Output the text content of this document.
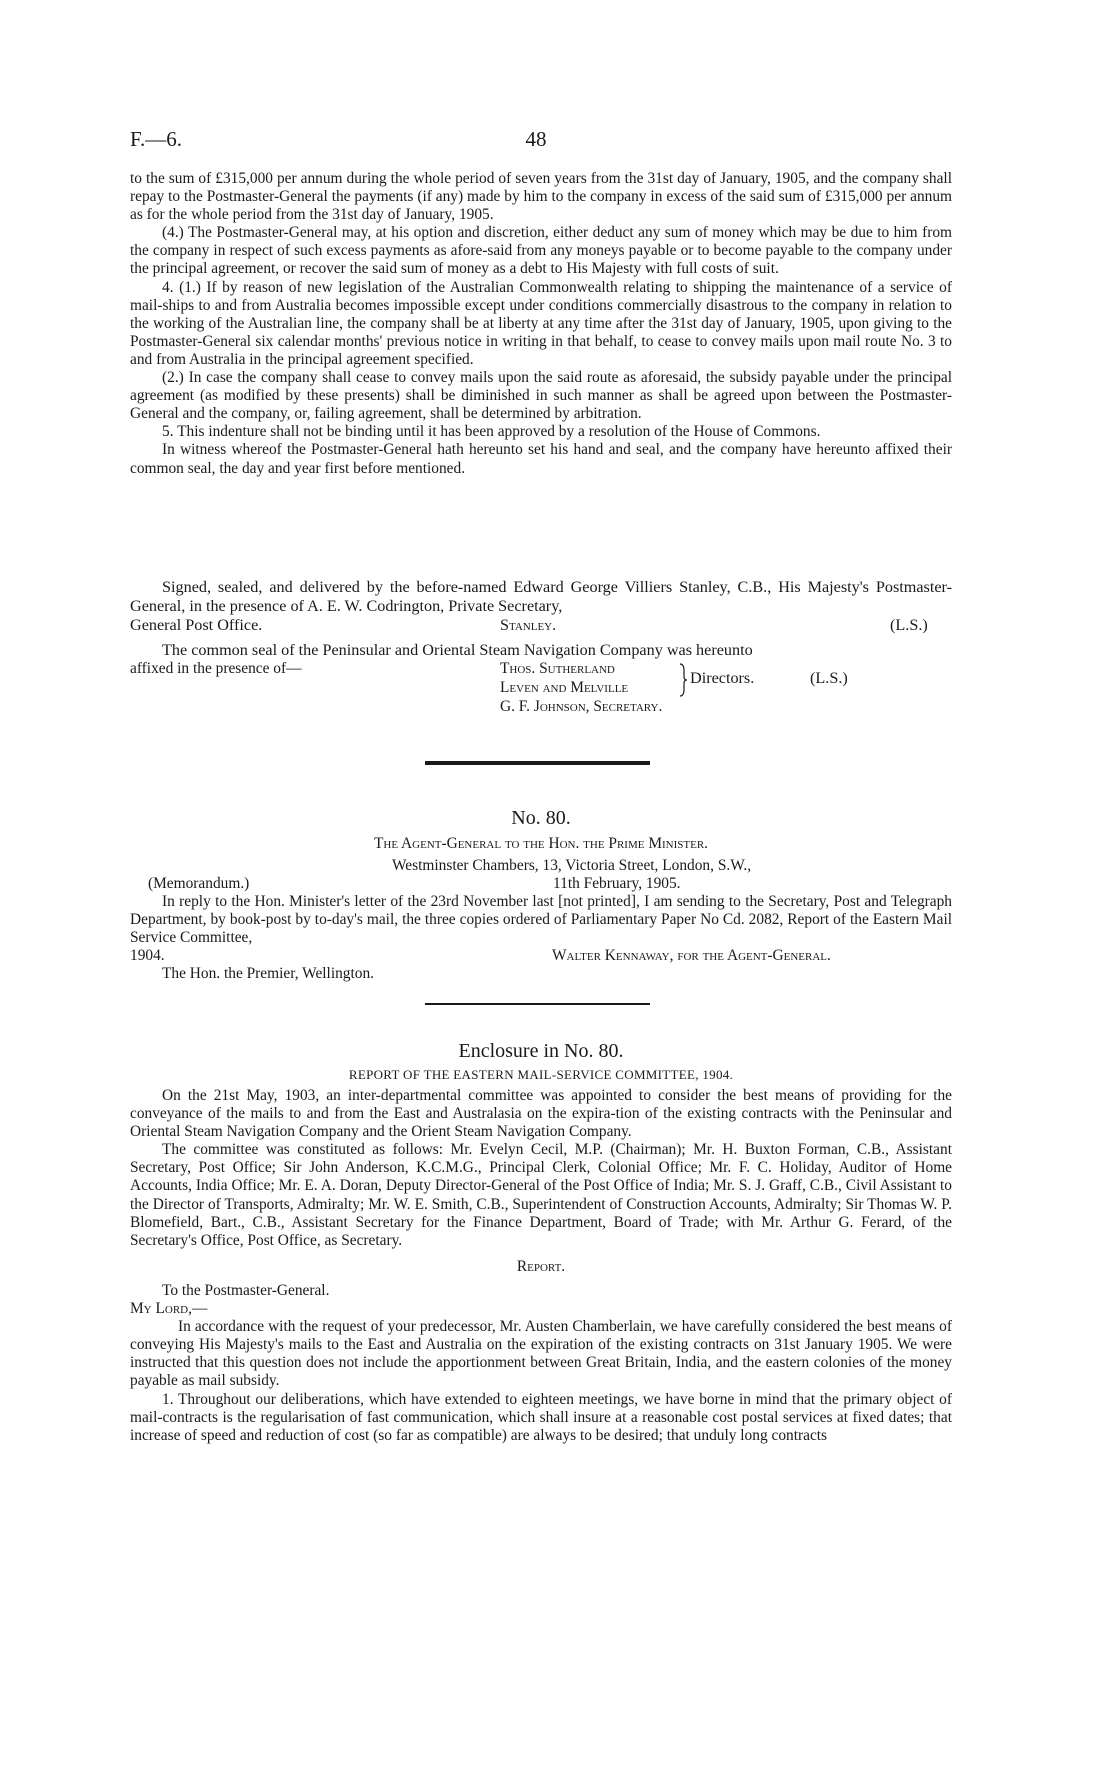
F.—6.	48

to the sum of £315,000 per annum during the whole period of seven years from the 31st day of January, 1905, and the company shall repay to the Postmaster-General the payments (if any) made by him to the company in excess of the said sum of £315,000 per annum as for the whole period from the 31st day of January, 1905.

(4.) The Postmaster-General may, at his option and discretion, either deduct any sum of money which may be due to him from the company in respect of such excess payments as afore-said from any moneys payable or to become payable to the company under the principal agreement, or recover the said sum of money as a debt to His Majesty with full costs of suit.

4. (1.) If by reason of new legislation of the Australian Commonwealth relating to shipping the maintenance of a service of mail-ships to and from Australia becomes impossible except under conditions commercially disastrous to the company in relation to the working of the Australian line, the company shall be at liberty at any time after the 31st day of January, 1905, upon giving to the Postmaster-General six calendar months' previous notice in writing in that behalf, to cease to convey mails upon mail route No. 3 to and from Australia in the principal agreement specified.

(2.) In case the company shall cease to convey mails upon the said route as aforesaid, the subsidy payable under the principal agreement (as modified by these presents) shall be diminished in such manner as shall be agreed upon between the Postmaster-General and the company, or, failing agreement, shall be determined by arbitration.

5. This indenture shall not be binding until it has been approved by a resolution of the House of Commons.

In witness whereof the Postmaster-General hath hereunto set his hand and seal, and the company have hereunto affixed their common seal, the day and year first before mentioned.

Signed, sealed, and delivered by the before-named Edward George Villiers Stanley, C.B., His Majesty's Postmaster-General, in the presence of A. E. W. Codrington, Private Secretary,

General Post Office.	Stanley.	(L.S.)

The common seal of the Peninsular and Oriental Steam Navigation Company was hereunto

affixed in the presence of—	Thos. Sutherland
Leven and Melville
G. F. Johnson, Secretary.
Directors.	(L.S.)
No. 80.

The Agent-General to the Hon. the Prime Minister.

Westminster Chambers, 13, Victoria Street, London, S.W.,

(Memorandum.)	11th February, 1905.

In reply to the Hon. Minister's letter of the 23rd November last [not printed], I am sending to the Secretary, Post and Telegraph Department, by book-post by to-day's mail, the three copies ordered of Parliamentary Paper No Cd. 2082, Report of the Eastern Mail Service Committee,

1904.	Walter Kennaway, for the Agent-General.

The Hon. the Premier, Wellington.

Enclosure in No. 80.
REPORT OF THE EASTERN MAIL-SERVICE COMMITTEE, 1904.

On the 21st May, 1903, an inter-departmental committee was appointed to consider the best means of providing for the conveyance of the mails to and from the East and Australasia on the expira-tion of the existing contracts with the Peninsular and Oriental Steam Navigation Company and the Orient Steam Navigation Company.

The committee was constituted as follows: Mr. Evelyn Cecil, M.P. (Chairman); Mr. H. Buxton Forman, C.B., Assistant Secretary, Post Office; Sir John Anderson, K.C.M.G., Principal Clerk, Colonial Office; Mr. F. C. Holiday, Auditor of Home Accounts, India Office; Mr. E. A. Doran, Deputy Director-General of the Post Office of India; Mr. S. J. Graff, C.B., Civil Assistant to the Director of Transports, Admiralty; Mr. W. E. Smith, C.B., Superintendent of Construction Accounts, Admiralty; Sir Thomas W. P. Blomefield, Bart., C.B., Assistant Secretary for the Finance Department, Board of Trade; with Mr. Arthur G. Ferard, of the Secretary's Office, Post Office, as Secretary.

Report.

To the Postmaster-General.

My Lord,—

In accordance with the request of your predecessor, Mr. Austen Chamberlain, we have carefully considered the best means of conveying His Majesty's mails to the East and Australia on the expiration of the existing contracts on 31st January 1905. We were instructed that this question does not include the apportionment between Great Britain, India, and the eastern colonies of the money payable as mail subsidy.

1. Throughout our deliberations, which have extended to eighteen meetings, we have borne in mind that the primary object of mail-contracts is the regularisation of fast communication, which shall insure at a reasonable cost postal services at fixed dates; that increase of speed and reduction of cost (so far as compatible) are always to be desired; that unduly long contracts
